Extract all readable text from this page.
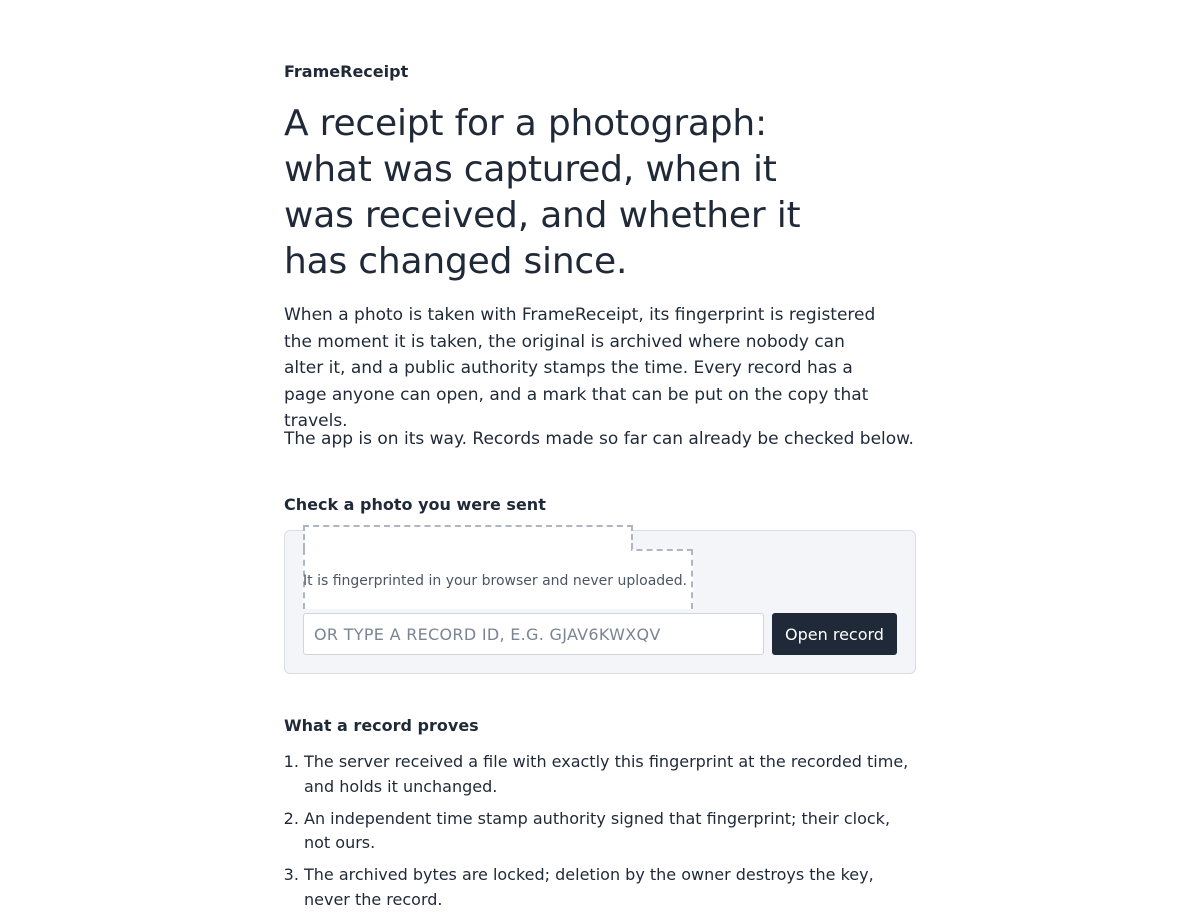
FrameReceipt

A receipt for a photograph: what was captured, when it was received, and whether it has changed since.

When a photo is taken with FrameReceipt, its fingerprint is registered the moment it is taken, the original is archived where nobody can alter it, and a public authority stamps the time. Every record has a page anyone can open, and a mark that can be put on the copy that travels.

The app is on its way. Records made so far can already be checked below.

Check a photo you were sent

It is fingerprinted in your browser and never uploaded.

OR TYPE A RECORD ID, E.G. GJAV6KWXQV
Open record
What a record proves
1. The server received a file with exactly this fingerprint at the recorded time, and holds it unchanged.
2. An independent time stamp authority signed that fingerprint; their clock, not ours.
3. The archived bytes are locked; deletion by the owner destroys the key, never the record.
